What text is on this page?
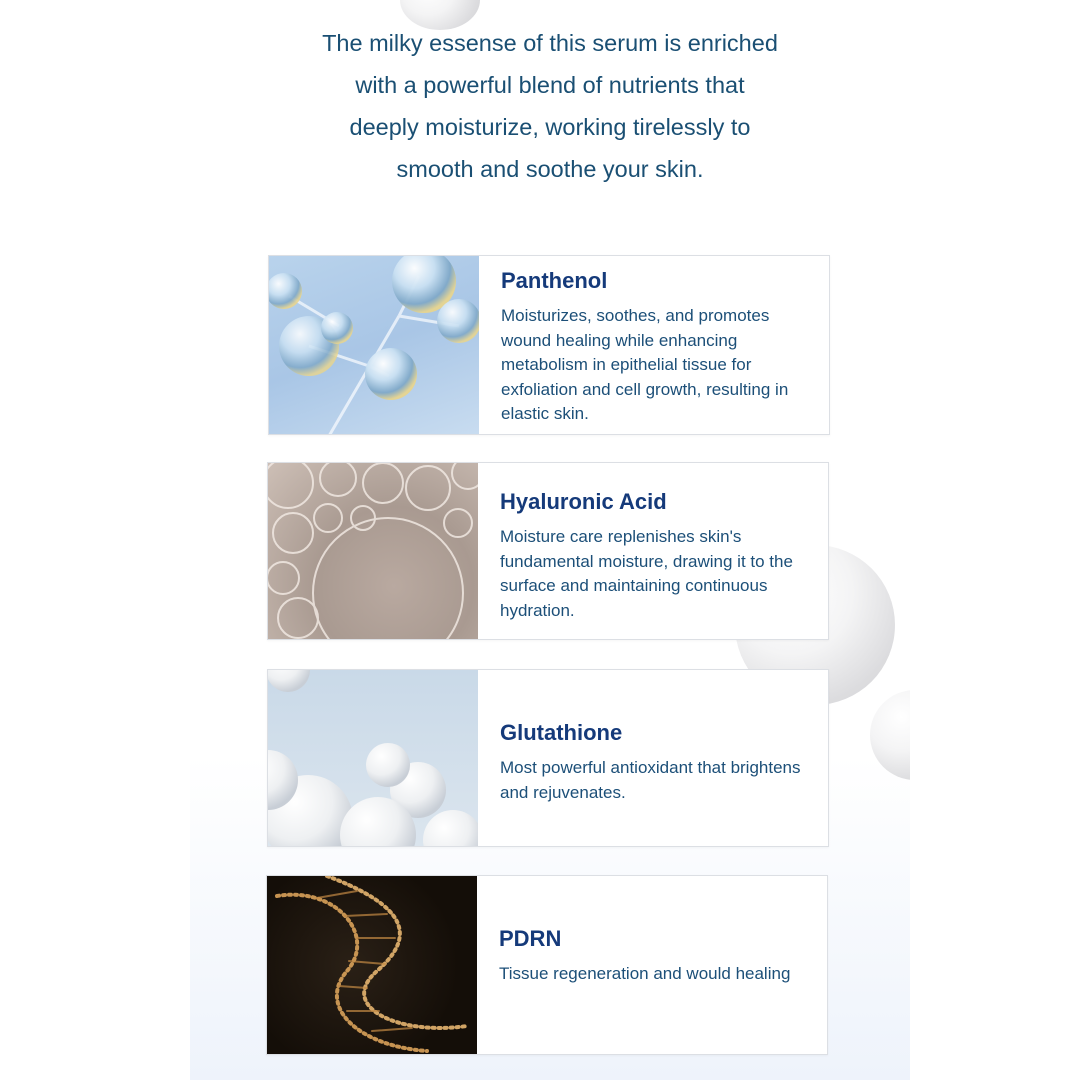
The milky essense of this serum is enriched
with a powerful blend of nutrients that
deeply moisturize, working tirelessly to
smooth and soothe your skin.

Panthenol

Moisturizes, soothes, and promotes wound healing while enhancing metabolism in epithelial tissue for exfoliation and cell growth, resulting in elastic skin.

Hyaluronic Acid

Moisture care replenishes skin's fundamental moisture, drawing it to the surface and maintaining continuous hydration.

Glutathione

Most powerful antioxidant that brightens and rejuvenates.

PDRN

Tissue regeneration and would healing
